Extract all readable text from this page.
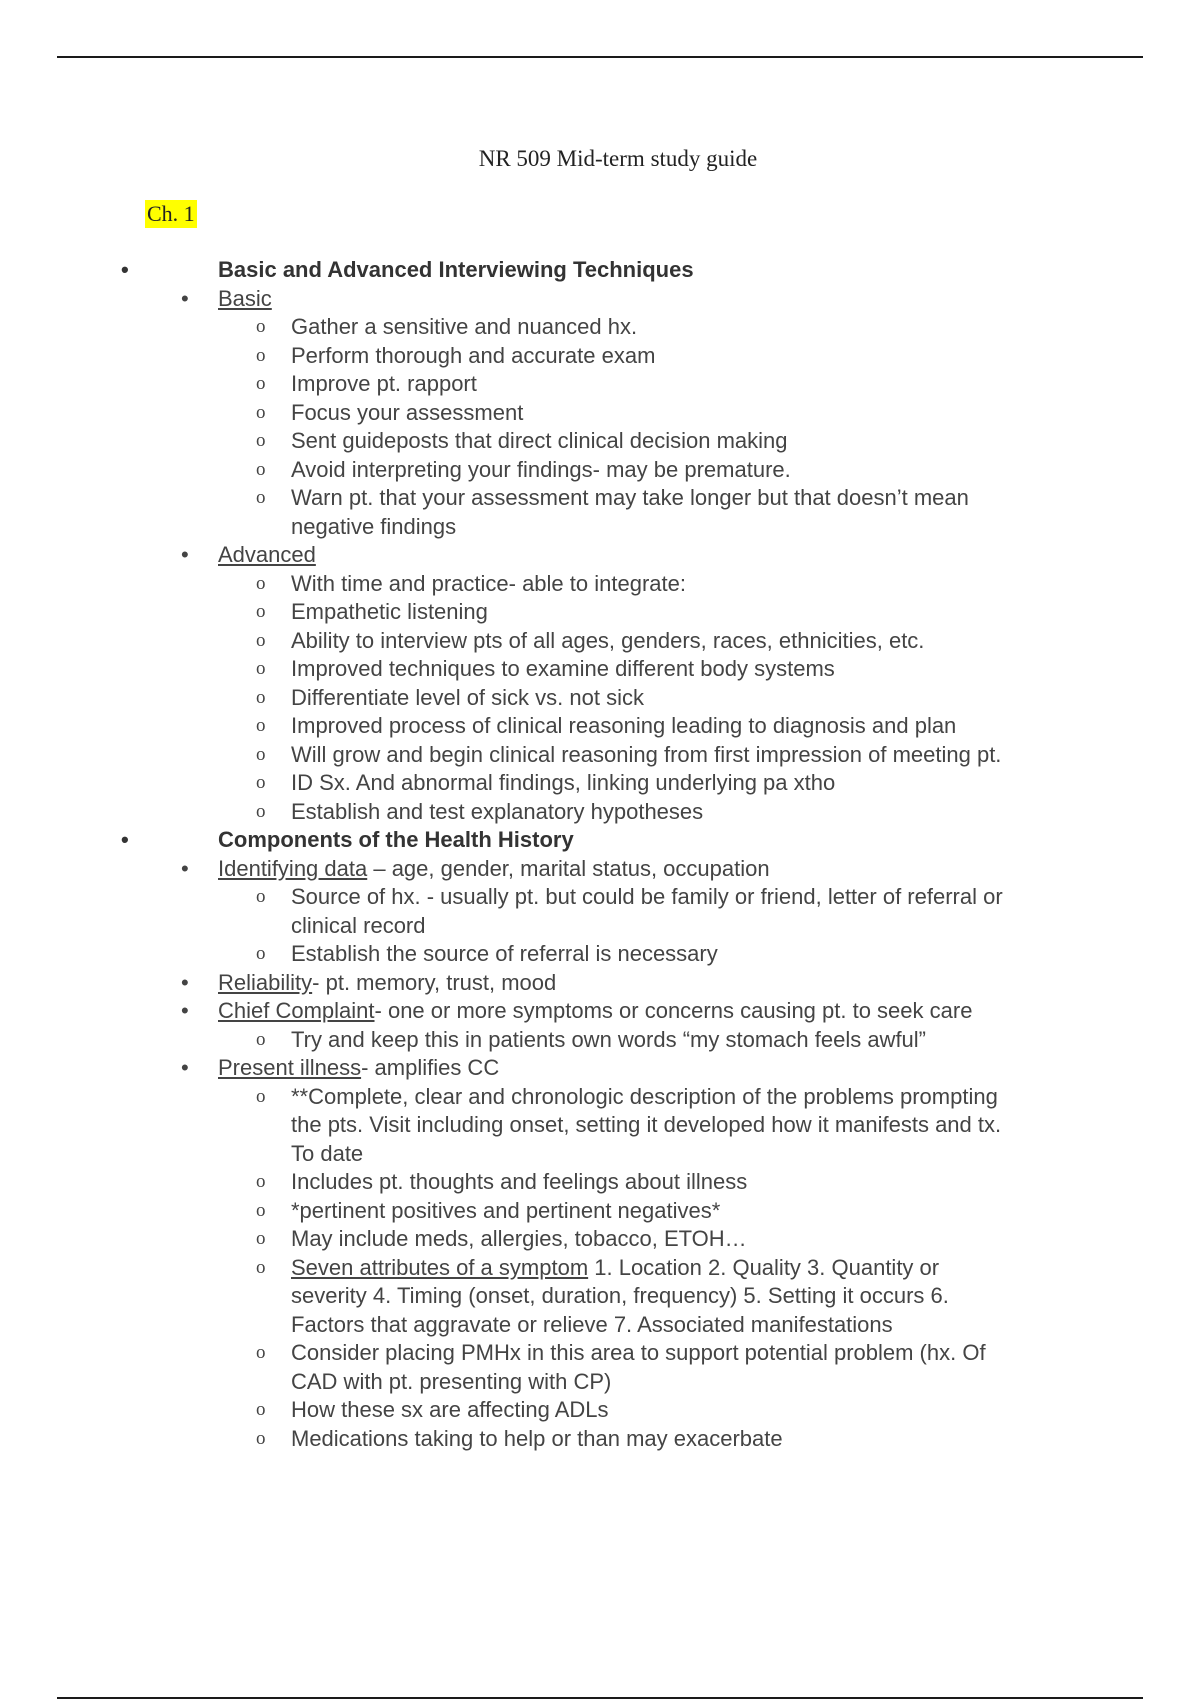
NR 509 Mid-term study guide
Ch. 1
•	Basic and Advanced Interviewing Techniques
• Basic
o Gather a sensitive and nuanced hx.
o Perform thorough and accurate exam
o Improve pt. rapport
o Focus your assessment
o Sent guideposts that direct clinical decision making
o Avoid interpreting your findings- may be premature.
o Warn pt. that your assessment may take longer but that doesn’t mean
negative findings
• Advanced
o With time and practice- able to integrate:
o Empathetic listening
o Ability to interview pts of all ages, genders, races, ethnicities, etc.
o Improved techniques to examine different body systems
o Differentiate level of sick vs. not sick
o Improved process of clinical reasoning leading to diagnosis and plan
o Will grow and begin clinical reasoning from first impression of meeting pt.
o ID Sx. And abnormal findings, linking underlying pa xtho
o Establish and test explanatory hypotheses
•	Components of the Health History
• Identifying data – age, gender, marital status, occupation
o Source of hx. - usually pt. but could be family or friend, letter of referral or
clinical record
o Establish the source of referral is necessary
• Reliability- pt. memory, trust, mood
• Chief Complaint- one or more symptoms or concerns causing pt. to seek care
o Try and keep this in patients own words “my stomach feels awful”
• Present illness- amplifies CC
o **Complete, clear and chronologic description of the problems prompting
the pts. Visit including onset, setting it developed how it manifests and tx.
To date
o Includes pt. thoughts and feelings about illness
o *pertinent positives and pertinent negatives*
o May include meds, allergies, tobacco, ETOH…
o Seven attributes of a symptom 1. Location 2. Quality 3. Quantity or
severity 4. Timing (onset, duration, frequency) 5. Setting it occurs 6.
Factors that aggravate or relieve 7. Associated manifestations
o Consider placing PMHx in this area to support potential problem (hx. Of
CAD with pt. presenting with CP)
o How these sx are affecting ADLs
o Medications taking to help or than may exacerbate
